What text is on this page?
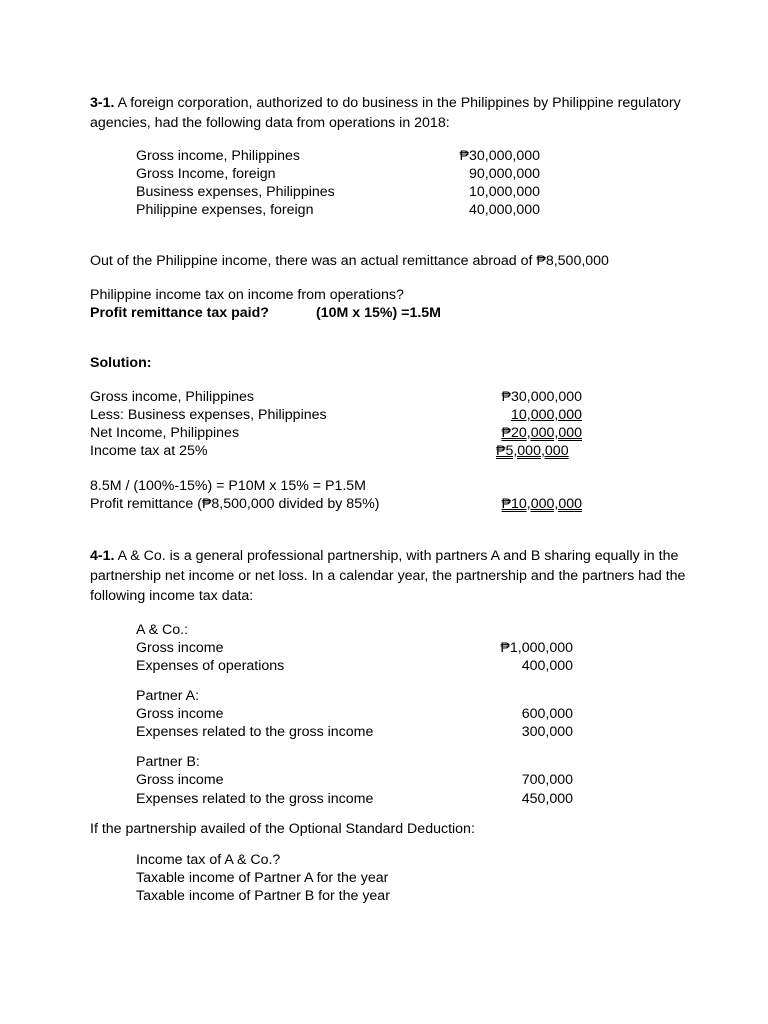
3-1. A foreign corporation, authorized to do business in the Philippines by Philippine regulatory agencies, had the following data from operations in 2018:
Gross income, Philippines	₱30,000,000
Gross Income, foreign	90,000,000
Business expenses, Philippines	10,000,000
Philippine expenses, foreign	40,000,000
Out of the Philippine income, there was an actual remittance abroad of ₱8,500,000
Philippine income tax on income from operations?
Profit remittance tax paid?	(10M x 15%) =1.5M
Solution:
Gross income, Philippines	₱30,000,000
Less: Business expenses, Philippines	10,000,000
Net Income, Philippines	₱20,000,000
Income tax at 25%	₱5,000,000
8.5M / (100%-15%) = P10M x 15% = P1.5M
Profit remittance (₱8,500,000 divided by 85%)	₱10,000,000
4-1. A & Co. is a general professional partnership, with partners A and B sharing equally in the partnership net income or net loss. In a calendar year, the partnership and the partners had the following income tax data:
A & Co.:
Gross income	₱1,000,000
Expenses of operations	400,000
Partner A:
Gross income	600,000
Expenses related to the gross income	300,000
Partner B:
Gross income	700,000
Expenses related to the gross income	450,000
If the partnership availed of the Optional Standard Deduction:
Income tax of A & Co.?
Taxable income of Partner A for the year
Taxable income of Partner B for the year
